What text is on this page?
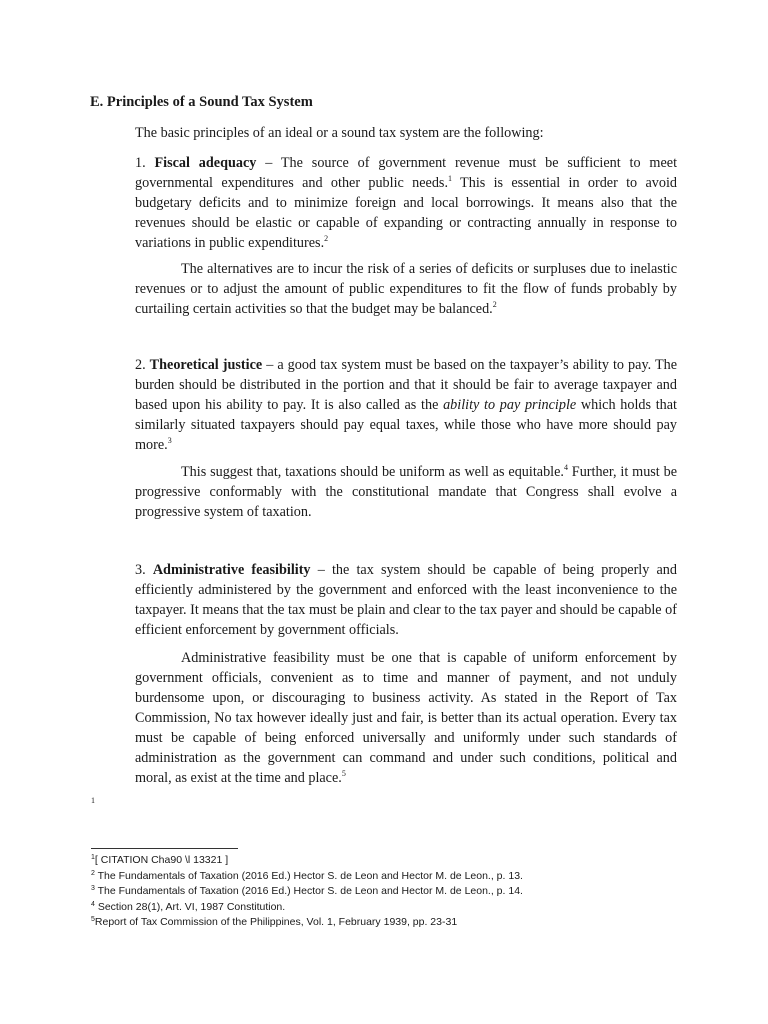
E. Principles of a Sound Tax System
The basic principles of an ideal or a sound tax system are the following:

1. Fiscal adequacy – The source of government revenue must be sufficient to meet governmental expenditures and other public needs.$^1$ This is essential in order to avoid budgetary deficits and to minimize foreign and local borrowings. It means also that the revenues should be elastic or capable of expanding or contracting annually in response to variations in public expenditures.$^2$

The alternatives are to incur the risk of a series of deficits or surpluses due to inelastic revenues or to adjust the amount of public expenditures to fit the flow of funds probably by curtailing certain activities so that the budget may be balanced.$^2$

2. Theoretical justice – a good tax system must be based on the taxpayer’s ability to pay. The burden should be distributed in the portion and that it should be fair to average taxpayer and based upon his ability to pay. It is also called as the ability to pay principle which holds that similarly situated taxpayers should pay equal taxes, while those who have more should pay more.$^3$

This suggest that, taxations should be uniform as well as equitable.$^4$ Further, it must be progressive conformably with the constitutional mandate that Congress shall evolve a progressive system of taxation.

3. Administrative feasibility – the tax system should be capable of being properly and efficiently administered by the government and enforced with the least inconvenience to the taxpayer. It means that the tax must be plain and clear to the tax payer and should be capable of efficient enforcement by government officials.

Administrative feasibility must be one that is capable of uniform enforcement by government officials, convenient as to time and manner of payment, and not unduly burdensome upon, or discouraging to business activity. As stated in the Report of Tax Commission, No tax however ideally just and fair, is better than its actual operation. Every tax must be capable of being enforced universally and uniformly under such standards of administration as the government can command and under such conditions, political and moral, as exist at the time and place.$^5$

1
$^1$[ CITATION Cha90 \l 13321 ]
$^2$ The Fundamentals of Taxation (2016 Ed.) Hector S. de Leon and Hector M. de Leon., p. 13.
$^3$ The Fundamentals of Taxation (2016 Ed.) Hector S. de Leon and Hector M. de Leon., p. 14.
$^4$ Section 28(1), Art. VI, 1987 Constitution.
$^5$Report of Tax Commission of the Philippines, Vol. 1, February 1939, pp. 23-31
